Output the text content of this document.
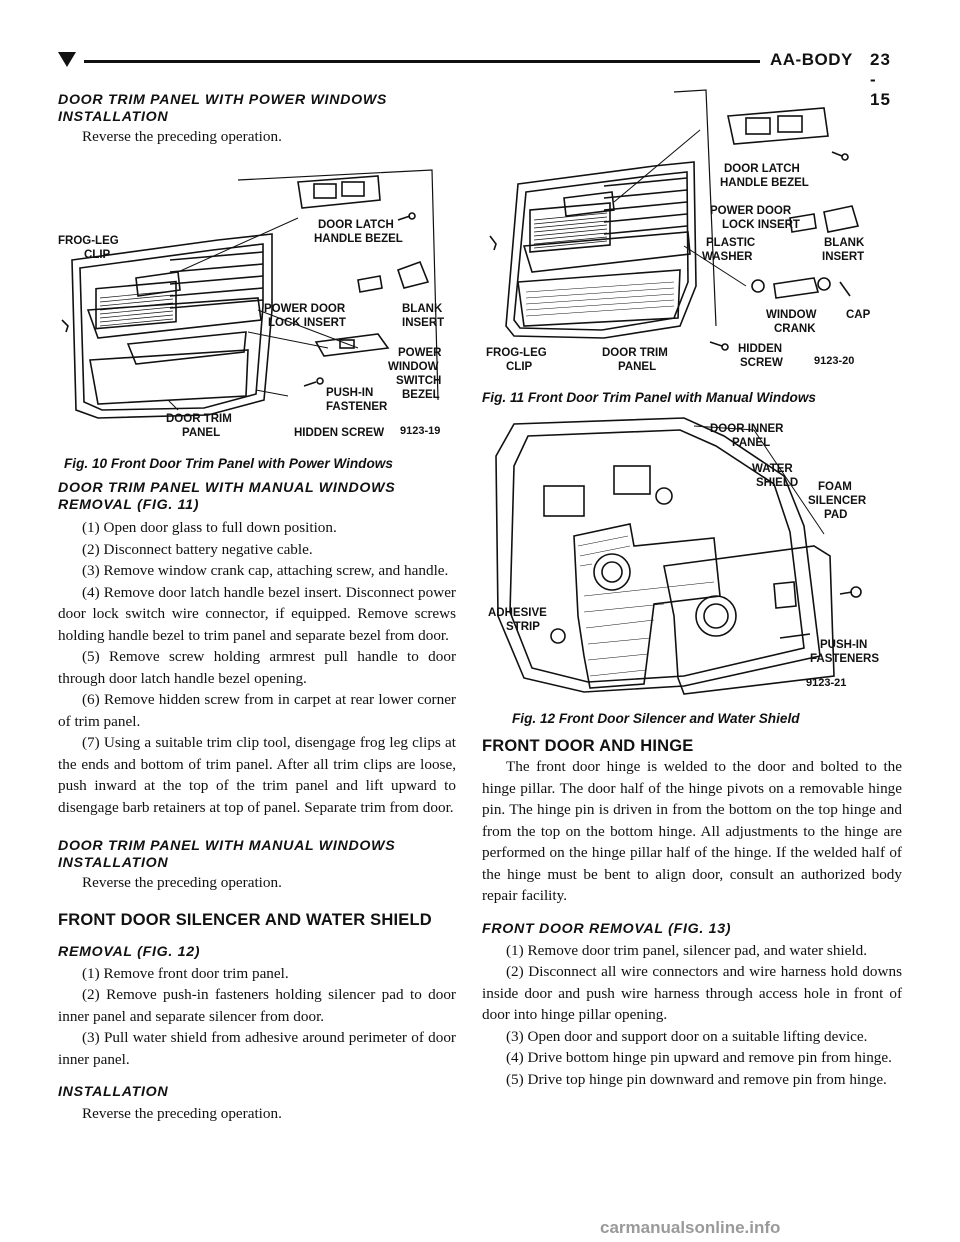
AA-BODY 23 - 15
DOOR TRIM PANEL WITH POWER WINDOWS
INSTALLATION
Reverse the preceding operation.
FROG-LEG
CLIP
DOOR LATCH
HANDLE BEZEL
POWER DOOR
LOCK INSERT
BLANK
INSERT
POWER
WINDOW
SWITCH
BEZEL
PUSH-IN
FASTENER
DOOR TRIM
PANEL	HIDDEN SCREW 9123-19
Fig. 10 Front Door Trim Panel with Power Windows
DOOR TRIM PANEL WITH MANUAL WINDOWS
REMOVAL (FIG. 11)
(1) Open door glass to full down position.
(2) Disconnect battery negative cable.
(3) Remove window crank cap, attaching screw, and handle.
(4) Remove door latch handle bezel insert. Disconnect power door lock switch wire connector, if equipped. Remove screws holding handle bezel to trim panel and separate bezel from door.
(5) Remove screw holding armrest pull handle to door through door latch handle bezel opening.
(6) Remove hidden screw from in carpet at rear lower corner of trim panel.
(7) Using a suitable trim clip tool, disengage frog leg clips at the ends and bottom of trim panel. After all trim clips are loose, push inward at the top of the trim panel and lift upward to disengage barb retainers at top of panel. Separate trim from door.
DOOR TRIM PANEL WITH MANUAL WINDOWS
INSTALLATION
Reverse the preceding operation.
FRONT DOOR SILENCER AND WATER SHIELD
REMOVAL (FIG. 12)
(1) Remove front door trim panel.
(2) Remove push-in fasteners holding silencer pad to door inner panel and separate silencer from door.
(3) Pull water shield from adhesive around perimeter of door inner panel.
INSTALLATION
Reverse the preceding operation.
DOOR LATCH
HANDLE BEZEL
POWER DOOR
LOCK INSERT
PLASTIC
WASHER
BLANK
INSERT
WINDOW
CRANK
CAP
FROG-LEG
CLIP
DOOR TRIM
PANEL
HIDDEN
SCREW	9123-20
Fig. 11 Front Door Trim Panel with Manual Windows
DOOR INNER
PANEL
WATER
SHIELD FOAM
SILENCER
PAD
ADHESIVE
STRIP
PUSH-IN
FASTENERS
9123-21
Fig. 12 Front Door Silencer and Water Shield
FRONT DOOR AND HINGE
The front door hinge is welded to the door and bolted to the hinge pillar. The door half of the hinge pivots on a removable hinge pin. The hinge pin is driven in from the bottom on the top hinge and from the top on the bottom hinge. All adjustments to the hinge are performed on the hinge pillar half of the hinge. If the welded half of the hinge must be bent to align door, consult an authorized body repair facility.
FRONT DOOR REMOVAL (FIG. 13)
(1) Remove door trim panel, silencer pad, and water shield.
(2) Disconnect all wire connectors and wire harness hold downs inside door and push wire harness through access hole in front of door into hinge pillar opening.
(3) Open door and support door on a suitable lifting device.
(4) Drive bottom hinge pin upward and remove pin from hinge.
(5) Drive top hinge pin downward and remove pin from hinge.
carmanualsonline.info
